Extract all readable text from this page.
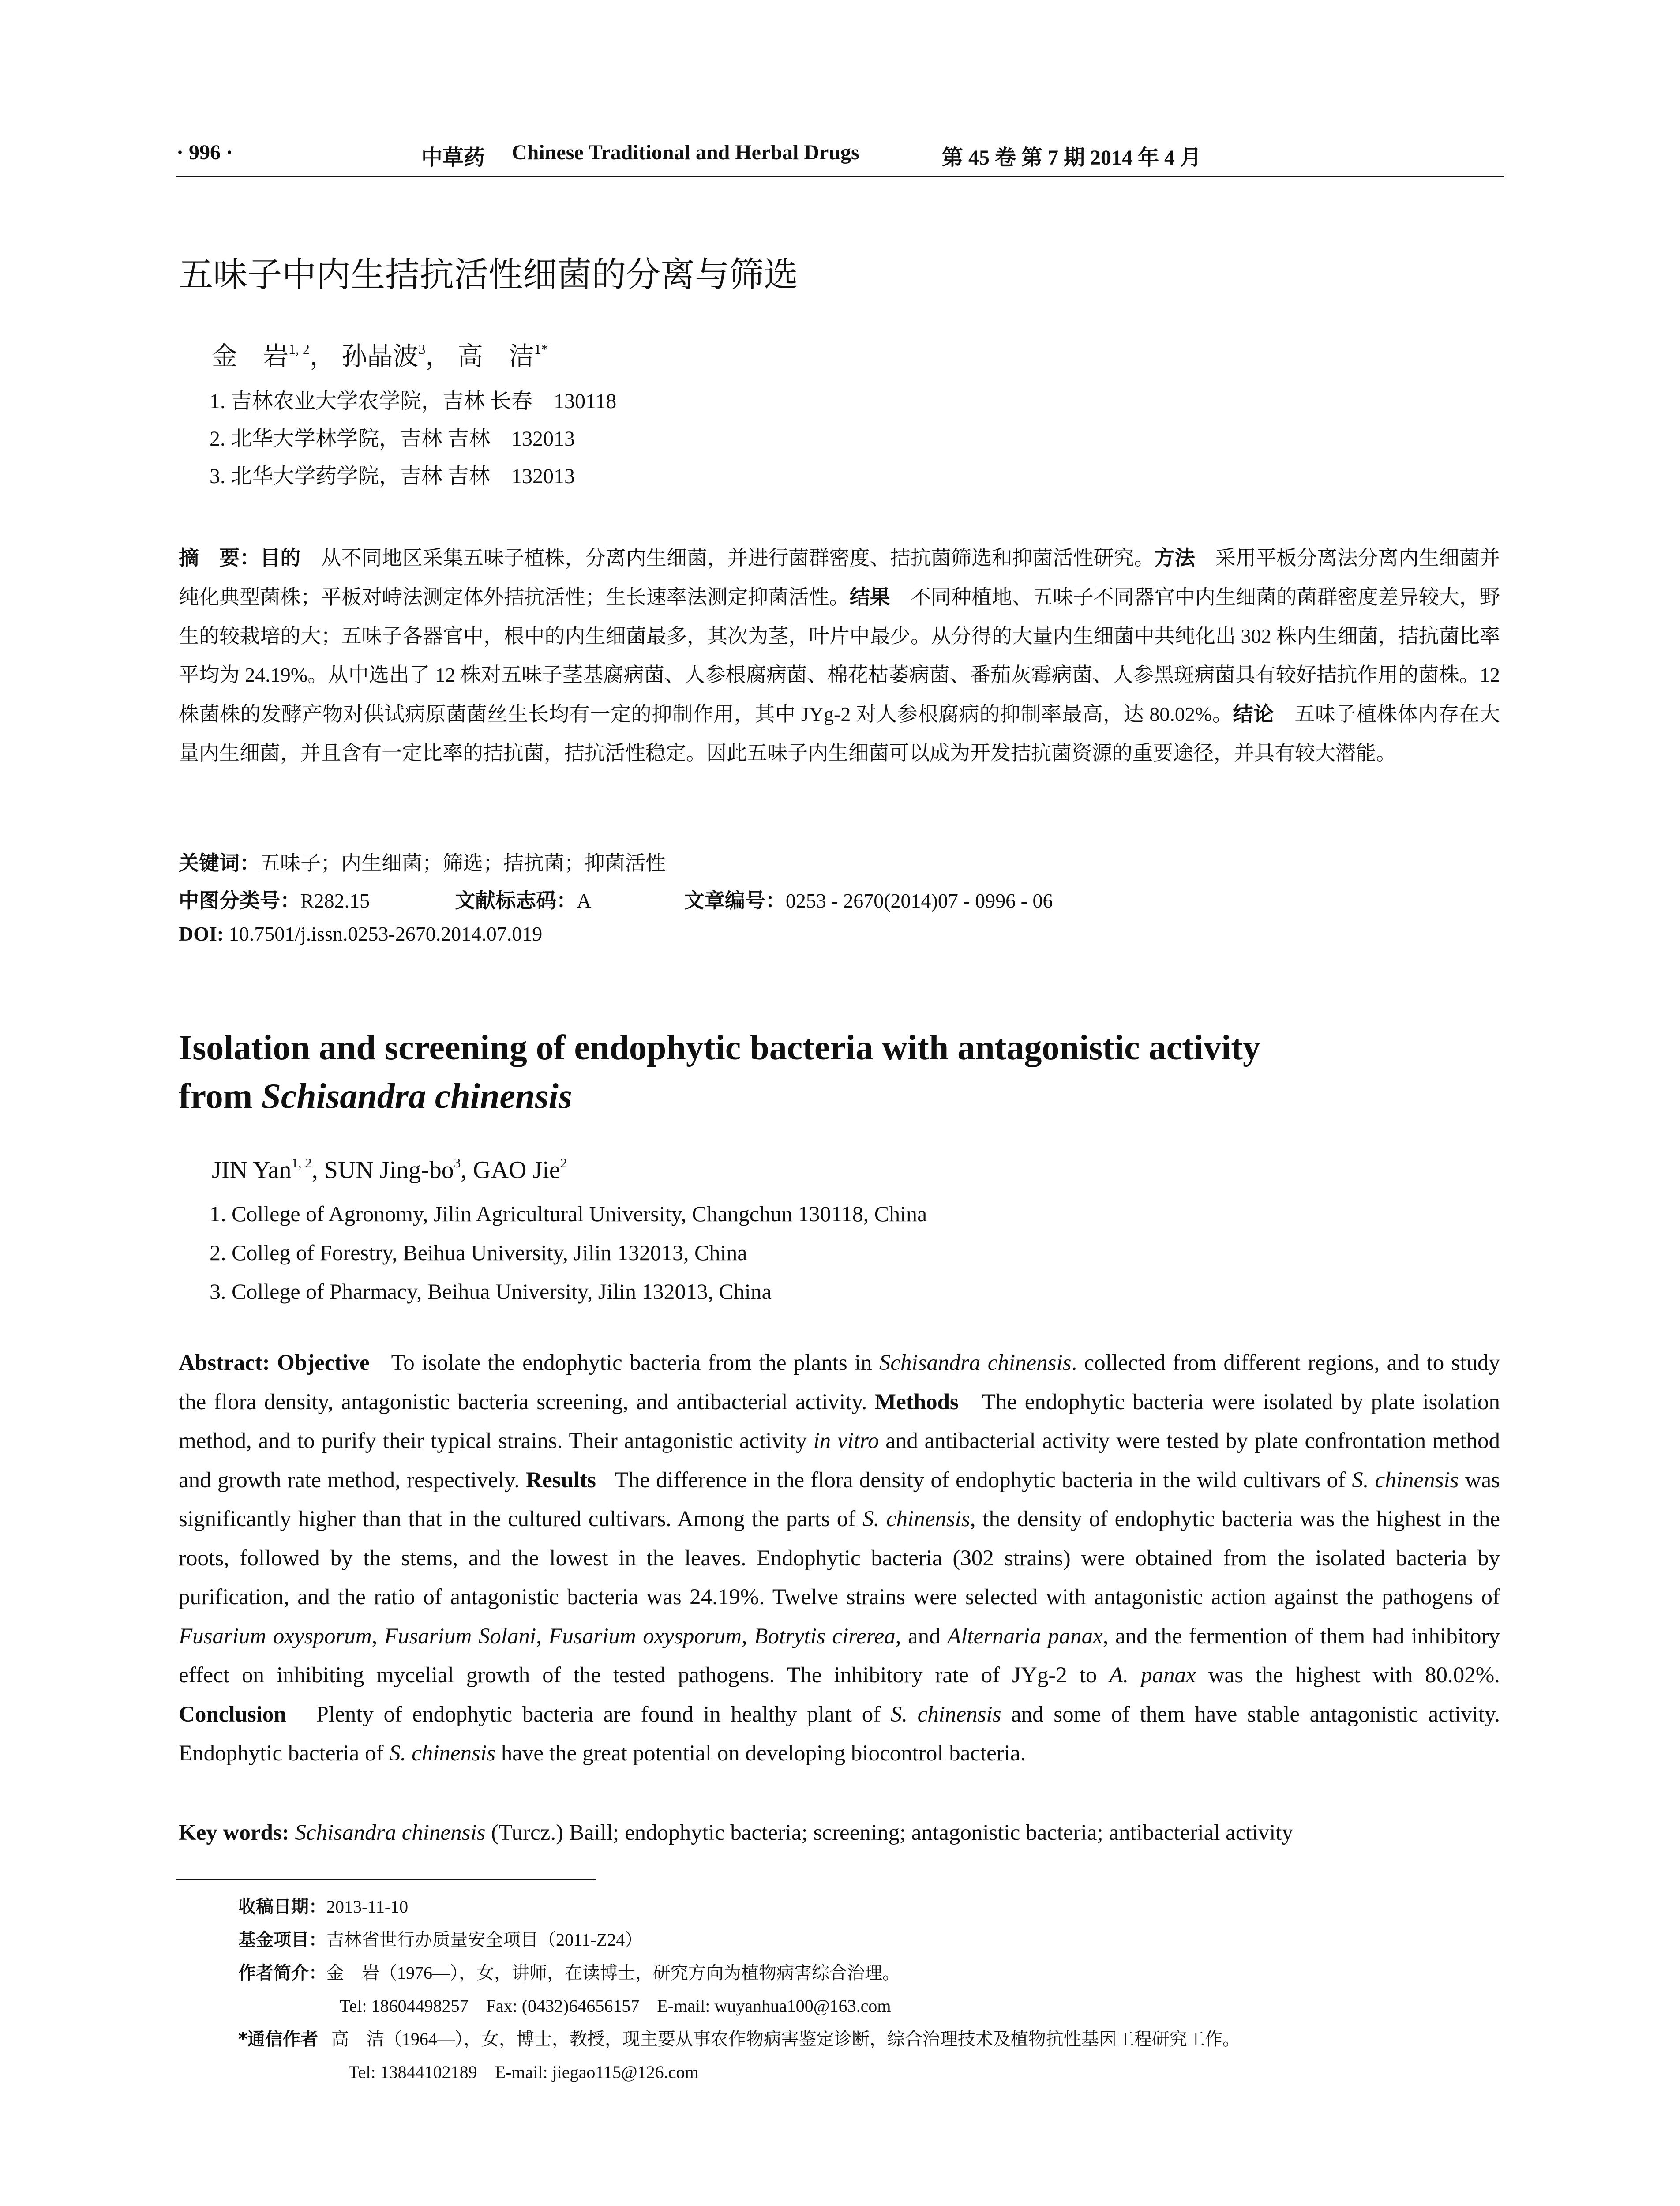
· 996 ·	中草药 Chinese Traditional and Herbal Drugs	第 45 卷 第 7 期 2014 年 4 月
五味子中内生拮抗活性细菌的分离与筛选
金　岩$^{1, 2}$， 孙晶波$^3$， 高　洁$^{1*}$
1. 吉林农业大学农学院，吉林 长春　130118
2. 北华大学林学院，吉林 吉林　132013
3. 北华大学药学院，吉林 吉林　132013
摘　要：目的　 从不同地区采集五味子植株，分离内生细菌，并进行菌群密度、拮抗菌筛选和抑菌活性研究。方法　 采用平板分离法分离内生细菌并纯化典型菌株；平板对峙法测定体外拮抗活性；生长速率法测定抑菌活性。结果　 不同种植地、五味子不同器官中内生细菌的菌群密度差异较大，野生的较栽培的大；五味子各器官中，根中的内生细菌最多，其次为茎，叶片中最少。从分得的大量内生细菌中共纯化出 302 株内生细菌，拮抗菌比率平均为 24.19%。从中选出了 12 株对五味子茎基腐病菌、人参根腐病菌、棉花枯萎病菌、番茄灰霉病菌、人参黑斑病菌具有较好拮抗作用的菌株。12 株菌株的发酵产物对供试病原菌菌丝生长均有一定的抑制作用，其中 JYg-2 对人参根腐病的抑制率最高，达 80.02%。结论　 五味子植株体内存在大量内生细菌，并且含有一定比率的拮抗菌，拮抗活性稳定。因此五味子内生细菌可以成为开发拮抗菌资源的重要途径，并具有较大潜能。
关键词：五味子；内生细菌；筛选；拮抗菌；抑菌活性
中图分类号：R282.15	文献标志码：A	文章编号：0253 - 2670(2014)07 - 0996 - 06
DOI: 10.7501/j.issn.0253-2670.2014.07.019
Isolation and screening of endophytic bacteria with antagonistic activity
from Schisandra chinensis
JIN Yan$^{1, 2}$, SUN Jing-$bo^3$, GAO Jie$^2$
1. College of Agronomy, Jilin Agricultural University, Changchun 130118, China
2. Colleg of Forestry, Beihua University, Jilin 132013, China
3. College of Pharmacy, Beihua University, Jilin 132013, China
Abstract: Objective To isolate the endophytic bacteria from the plants in Schisandra chinensis. collected from different regions, and to study the flora density, antagonistic bacteria screening, and antibacterial activity. Methods The endophytic bacteria were isolated by plate isolation method, and to purify their typical strains. Their antagonistic activity in vitro and antibacterial activity were tested by plate confrontation method and growth rate method, respectively. Results The difference in the flora density of endophytic bacteria in the wild cultivars of S. chinensis was significantly higher than that in the cultured cultivars. Among the parts of S. chinensis, the density of endophytic bacteria was the highest in the roots, followed by the stems, and the lowest in the leaves. Endophytic bacteria (302 strains) were obtained from the isolated bacteria by purification, and the ratio of antagonistic bacteria was 24.19%. Twelve strains were selected with antagonistic action against the pathogens of Fusarium oxysporum, Fusarium Solani, Fusarium oxysporum, Botrytis cirerea, and Alternaria panax, and the fermention of them had inhibitory effect on inhibiting mycelial growth of the tested pathogens. The inhibitory rate of JYg-2 to A. panax was the highest with 80.02%. Conclusion Plenty of endophytic bacteria are found in healthy plant of S. chinensis and some of them have stable antagonistic activity. Endophytic bacteria of S. chinensis have the great potential on developing biocontrol bacteria.
Key words: Schisandra chinensis (Turcz.) Baill; endophytic bacteria; screening; antagonistic bacteria; antibacterial activity
收稿日期：2013-11-10
基金项目：吉林省世行办质量安全项目（2011-Z24）
作者简介：金　岩（1976—），女，讲师，在读博士，研究方向为植物病害综合治理。
Tel: 18604498257　Fax: (0432)64656157　E-mail: wuyanhua100@163.com
*通信作者 高　洁（1964—），女，博士，教授，现主要从事农作物病害鉴定诊断，综合治理技术及植物抗性基因工程研究工作。
Tel: 13844102189　E-mail: jiegao115@126.com
